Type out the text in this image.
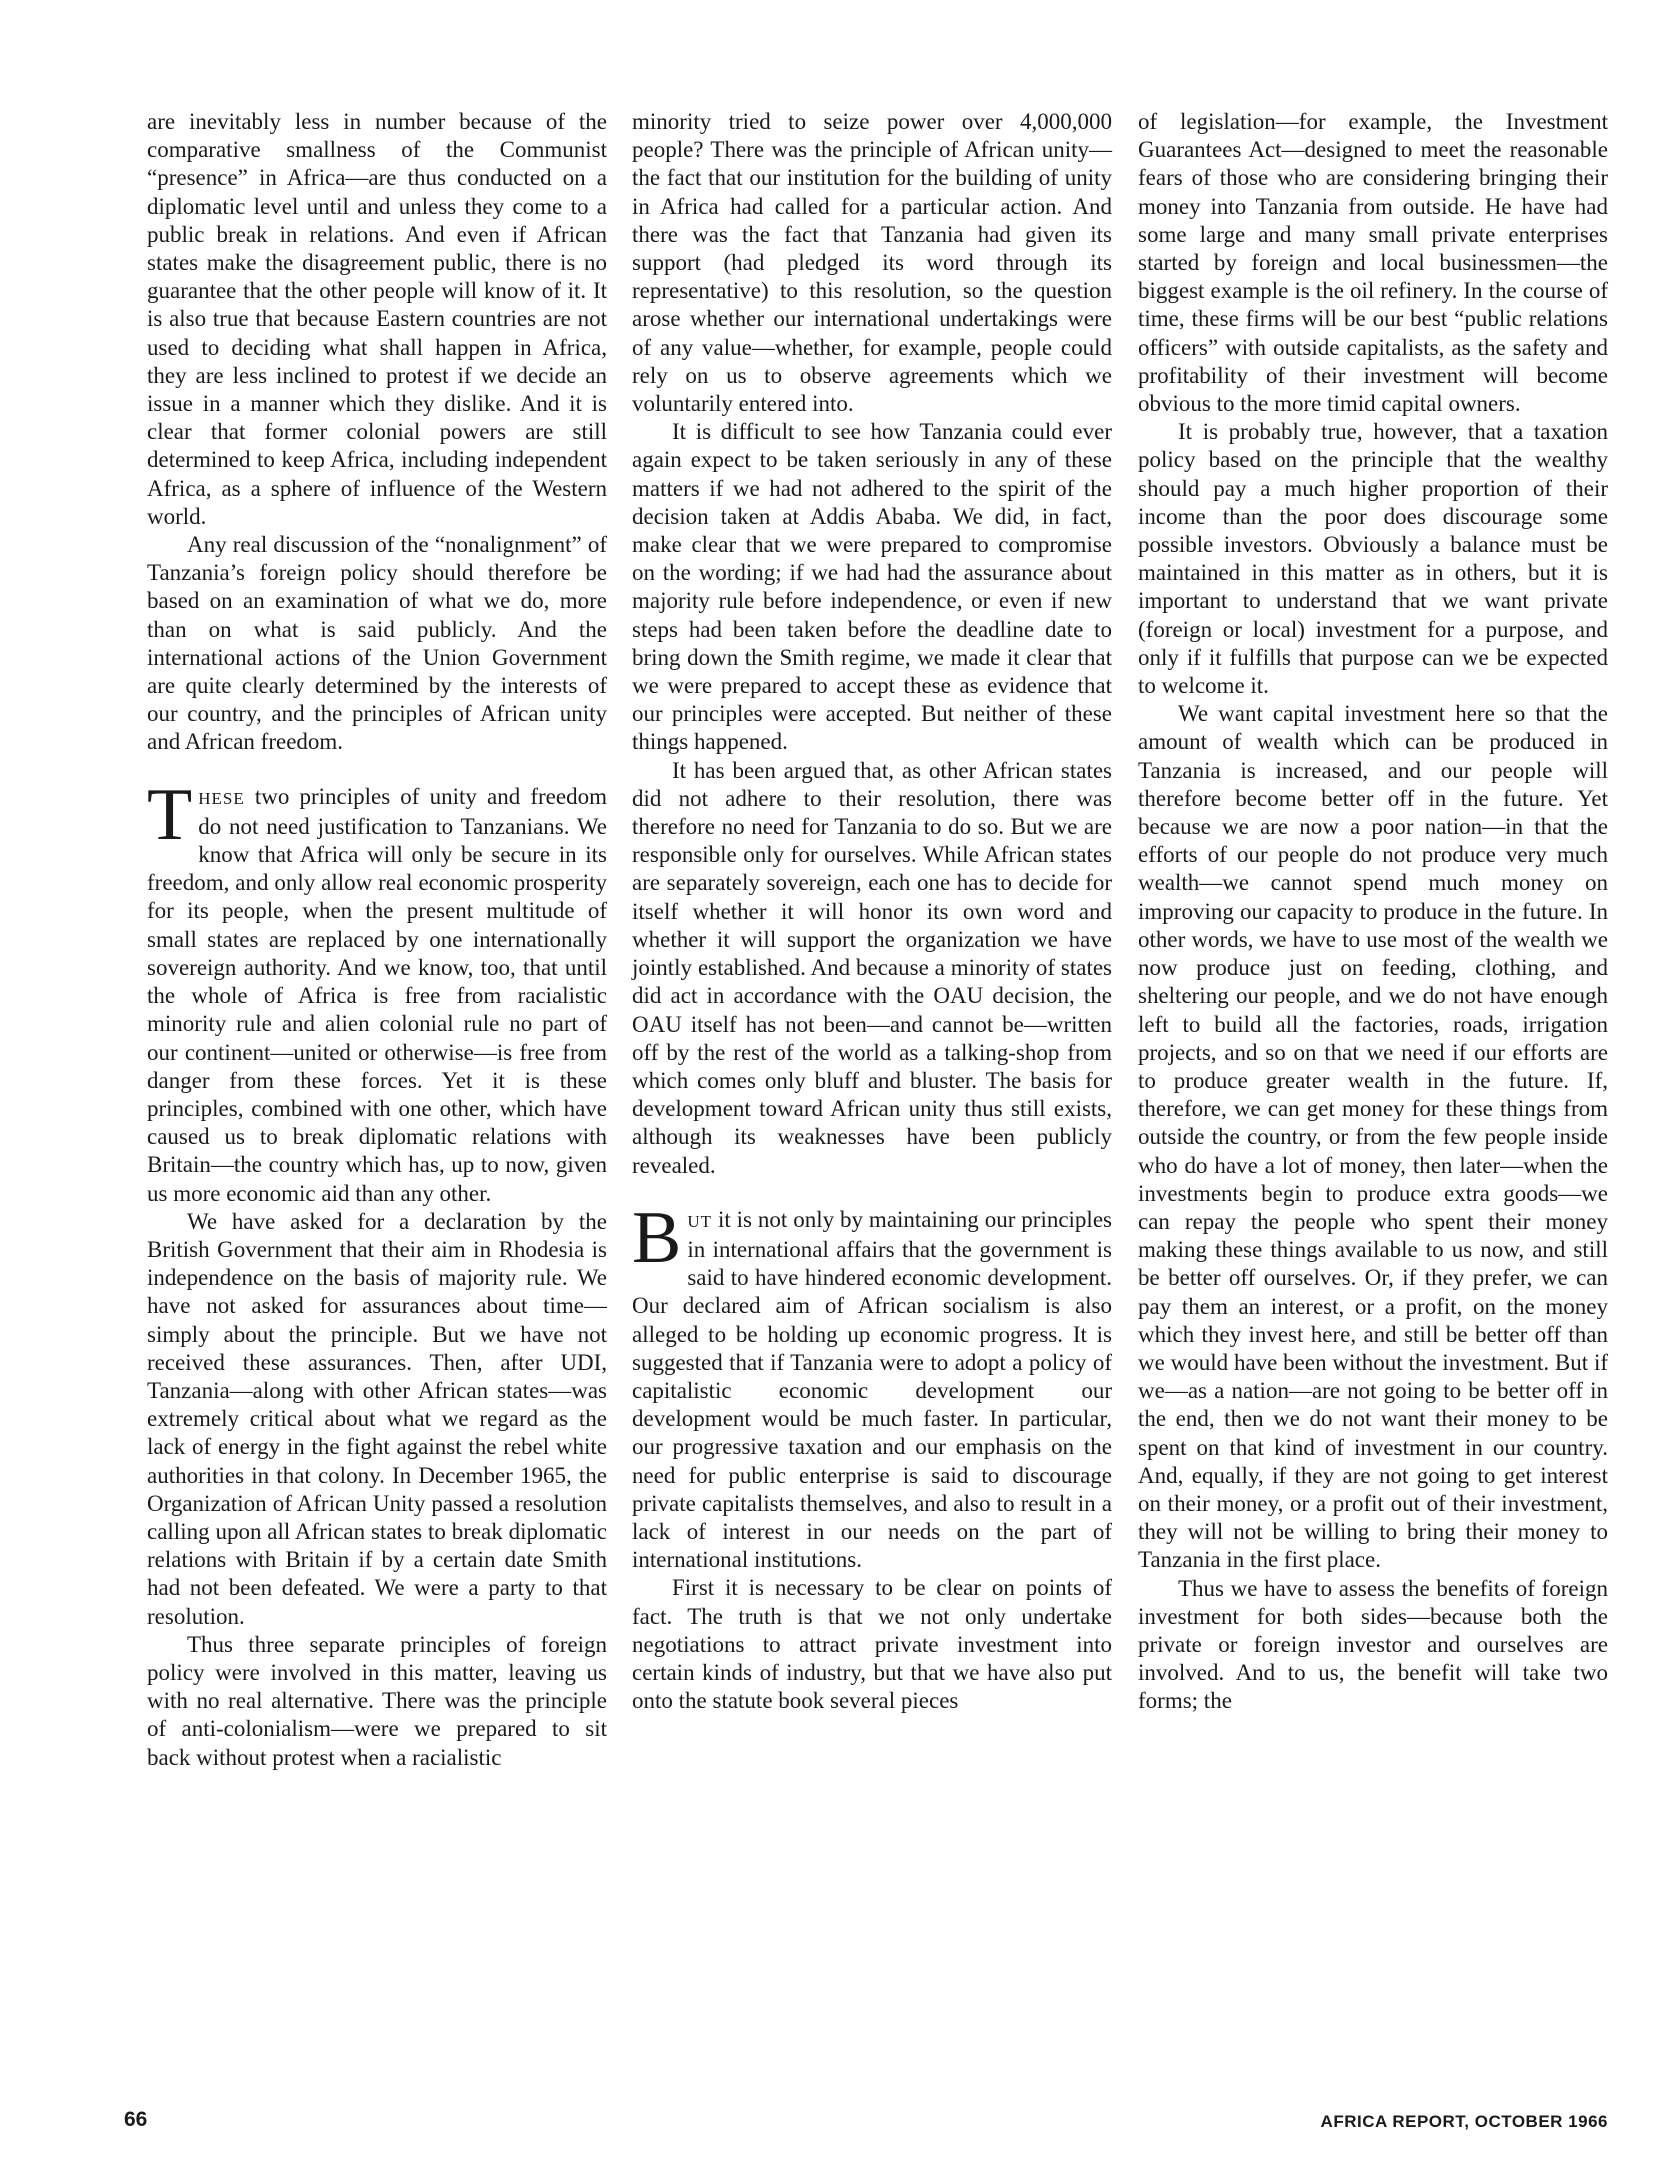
are inevitably less in number because of the comparative smallness of the Communist “presence” in Africa—are thus conducted on a diplomatic level until and unless they come to a public break in relations. And even if African states make the disagreement public, there is no guarantee that the other people will know of it. It is also true that because Eastern countries are not used to deciding what shall happen in Africa, they are less inclined to protest if we decide an issue in a manner which they dislike. And it is clear that former colonial powers are still determined to keep Africa, including independent Africa, as a sphere of influence of the Western world.

Any real discussion of the “nonalignment” of Tanzania’s foreign policy should therefore be based on an examination of what we do, more than on what is said publicly. And the international actions of the Union Government are quite clearly determined by the interests of our country, and the principles of African unity and African freedom.

THESE two principles of unity and freedom do not need justification to Tanzanians. We know that Africa will only be secure in its freedom, and only allow real economic prosperity for its people, when the present multitude of small states are replaced by one internationally sovereign authority. And we know, too, that until the whole of Africa is free from racialistic minority rule and alien colonial rule no part of our continent—united or otherwise—is free from danger from these forces. Yet it is these principles, combined with one other, which have caused us to break diplomatic relations with Britain—the country which has, up to now, given us more economic aid than any other.

We have asked for a declaration by the British Government that their aim in Rhodesia is independence on the basis of majority rule. We have not asked for assurances about time—simply about the principle. But we have not received these assurances. Then, after UDI, Tanzania—along with other African states—was extremely critical about what we regard as the lack of energy in the fight against the rebel white authorities in that colony. In December 1965, the Organization of African Unity passed a resolution calling upon all African states to break diplomatic relations with Britain if by a certain date Smith had not been defeated. We were a party to that resolution.

Thus three separate principles of foreign policy were involved in this matter, leaving us with no real alternative. There was the principle of anti-colonialism—were we prepared to sit back without protest when a racialistic

minority tried to seize power over 4,000,000 people? There was the principle of African unity—the fact that our institution for the building of unity in Africa had called for a particular action. And there was the fact that Tanzania had given its support (had pledged its word through its representative) to this resolution, so the question arose whether our international undertakings were of any value—whether, for example, people could rely on us to observe agreements which we voluntarily entered into.

It is difficult to see how Tanzania could ever again expect to be taken seriously in any of these matters if we had not adhered to the spirit of the decision taken at Addis Ababa. We did, in fact, make clear that we were prepared to compromise on the wording; if we had had the assurance about majority rule before independence, or even if new steps had been taken before the deadline date to bring down the Smith regime, we made it clear that we were prepared to accept these as evidence that our principles were accepted. But neither of these things happened.

It has been argued that, as other African states did not adhere to their resolution, there was therefore no need for Tanzania to do so. But we are responsible only for ourselves. While African states are separately sovereign, each one has to decide for itself whether it will honor its own word and whether it will support the organization we have jointly established. And because a minority of states did act in accordance with the OAU decision, the OAU itself has not been—and cannot be—written off by the rest of the world as a talking-shop from which comes only bluff and bluster. The basis for development toward African unity thus still exists, although its weaknesses have been publicly revealed.

BUT it is not only by maintaining our principles in international affairs that the government is said to have hindered economic development. Our declared aim of African socialism is also alleged to be holding up economic progress. It is suggested that if Tanzania were to adopt a policy of capitalistic economic development our development would be much faster. In particular, our progressive taxation and our emphasis on the need for public enterprise is said to discourage private capitalists themselves, and also to result in a lack of interest in our needs on the part of international institutions.

First it is necessary to be clear on points of fact. The truth is that we not only undertake negotiations to attract private investment into certain kinds of industry, but that we have also put onto the statute book several pieces

of legislation—for example, the Investment Guarantees Act—designed to meet the reasonable fears of those who are considering bringing their money into Tanzania from outside. He have had some large and many small private enterprises started by foreign and local businessmen—the biggest example is the oil refinery. In the course of time, these firms will be our best “public relations officers” with outside capitalists, as the safety and profitability of their investment will become obvious to the more timid capital owners.

It is probably true, however, that a taxation policy based on the principle that the wealthy should pay a much higher proportion of their income than the poor does discourage some possible investors. Obviously a balance must be maintained in this matter as in others, but it is important to understand that we want private (foreign or local) investment for a purpose, and only if it fulfills that purpose can we be expected to welcome it.

We want capital investment here so that the amount of wealth which can be produced in Tanzania is increased, and our people will therefore become better off in the future. Yet because we are now a poor nation—in that the efforts of our people do not produce very much wealth—we cannot spend much money on improving our capacity to produce in the future. In other words, we have to use most of the wealth we now produce just on feeding, clothing, and sheltering our people, and we do not have enough left to build all the factories, roads, irrigation projects, and so on that we need if our efforts are to produce greater wealth in the future. If, therefore, we can get money for these things from outside the country, or from the few people inside who do have a lot of money, then later—when the investments begin to produce extra goods—we can repay the people who spent their money making these things available to us now, and still be better off ourselves. Or, if they prefer, we can pay them an interest, or a profit, on the money which they invest here, and still be better off than we would have been without the investment. But if we—as a nation—are not going to be better off in the end, then we do not want their money to be spent on that kind of investment in our country. And, equally, if they are not going to get interest on their money, or a profit out of their investment, they will not be willing to bring their money to Tanzania in the first place.

Thus we have to assess the benefits of foreign investment for both sides—because both the private or foreign investor and ourselves are involved. And to us, the benefit will take two forms; the

66	AFRICA REPORT, OCTOBER 1966
